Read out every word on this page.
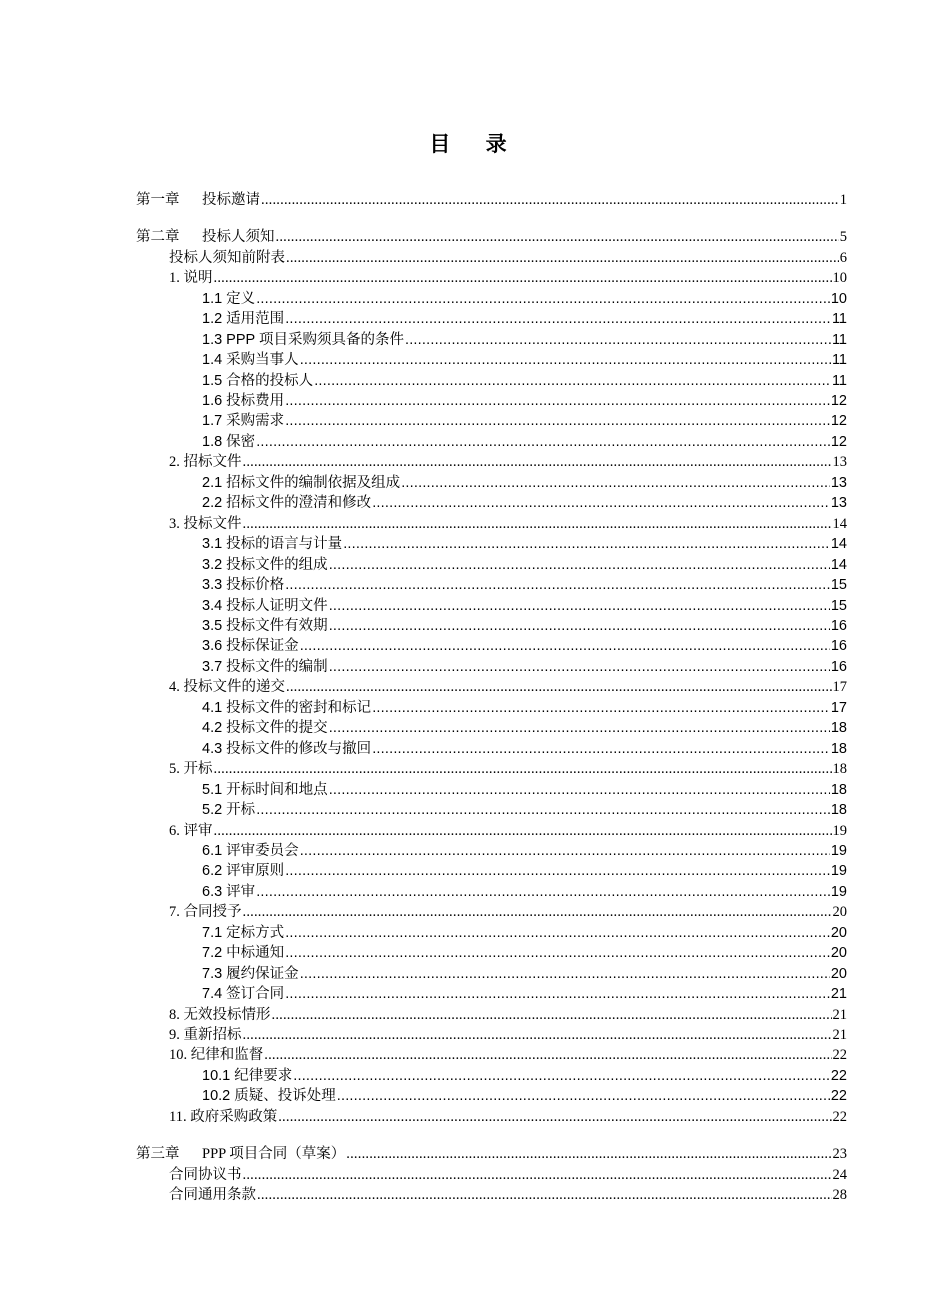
目 录
第一章 投标邀请 .....	1
第二章 投标人须知 .....	5
投标人须知前附表 .....	6
1. 说明 .....	10
1.1 定义 .....	10
1.2 适用范围 .....	11
1.3 PPP 项目采购须具备的条件 .....	11
1.4 采购当事人 .....	11
1.5 合格的投标人 .....	11
1.6 投标费用 .....	12
1.7 采购需求 .....	12
1.8 保密 .....	12
2. 招标文件 .....	13
2.1 招标文件的编制依据及组成 .....	13
2.2 招标文件的澄清和修改 .....	13
3. 投标文件 .....	14
3.1 投标的语言与计量 .....	14
3.2 投标文件的组成 .....	14
3.3 投标价格 .....	15
3.4 投标人证明文件 .....	15
3.5 投标文件有效期 .....	16
3.6 投标保证金 .....	16
3.7 投标文件的编制 .....	16
4. 投标文件的递交 .....	17
4.1 投标文件的密封和标记 .....	17
4.2 投标文件的提交 .....	18
4.3 投标文件的修改与撤回 .....	18
5. 开标 .....	18
5.1 开标时间和地点 .....	18
5.2 开标 .....	18
6. 评审 .....	19
6.1 评审委员会 .....	19
6.2 评审原则 .....	19
6.3 评审 .....	19
7. 合同授予 .....	20
7.1 定标方式 .....	20
7.2 中标通知 .....	20
7.3 履约保证金 .....	20
7.4 签订合同 .....	21
8. 无效投标情形 .....	21
9. 重新招标 .....	21
10. 纪律和监督 .....	22
10.1 纪律要求 .....	22
10.2 质疑、投诉处理 .....	22
11. 政府采购政策 .....	22
第三章 PPP 项目合同（草案） .....	23
合同协议书 .....	24
合同通用条款 .....	28
